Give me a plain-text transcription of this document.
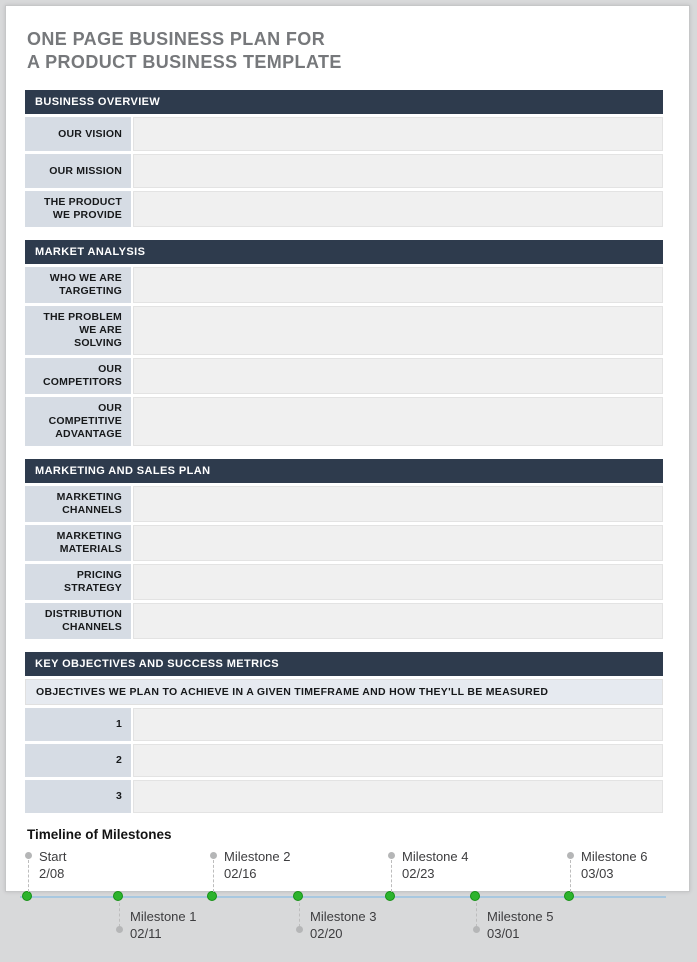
ONE PAGE BUSINESS PLAN FOR
A PRODUCT BUSINESS TEMPLATE
BUSINESS OVERVIEW
OUR VISION
OUR MISSION
THE PRODUCT WE PROVIDE
MARKET ANALYSIS
WHO WE ARE TARGETING
THE PROBLEM WE ARE SOLVING
OUR COMPETITORS
OUR COMPETITIVE ADVANTAGE
MARKETING AND SALES PLAN
MARKETING CHANNELS
MARKETING MATERIALS
PRICING STRATEGY
DISTRIBUTION CHANNELS
KEY OBJECTIVES AND SUCCESS METRICS
OBJECTIVES WE PLAN TO ACHIEVE IN A GIVEN TIMEFRAME AND HOW THEY'LL BE MEASURED
1
2
3
Timeline of Milestones
Start
2/08
Milestone 1
02/11
Milestone 2
02/16
Milestone 3
02/20
Milestone 4
02/23
Milestone 5
03/01
Milestone 6
03/03
